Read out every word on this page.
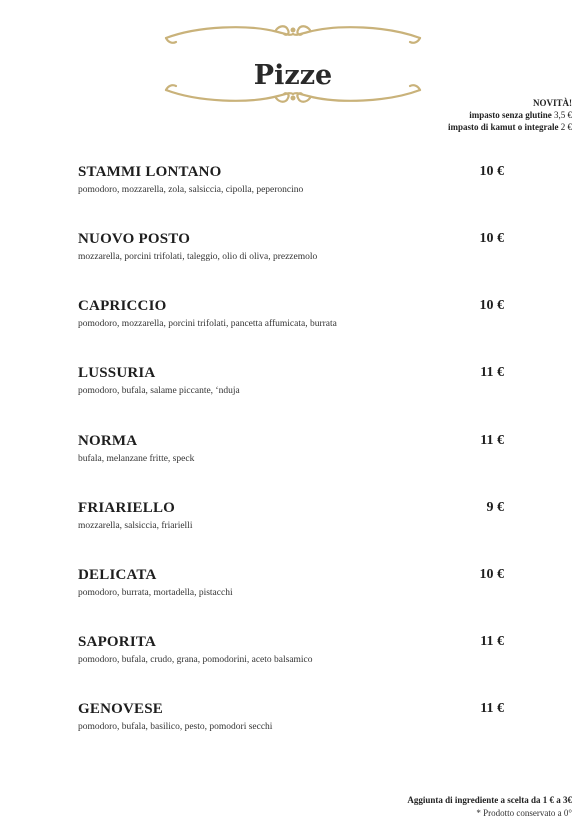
Pizze
NOVITÀ!
impasto senza glutine 3,5 €
impasto di kamut o integrale 2 €
STAMMI LONTANO	10 €
pomodoro, mozzarella, zola, salsiccia, cipolla, peperoncino
NUOVO POSTO	10 €
mozzarella, porcini trifolati, taleggio, olio di oliva, prezzemolo
CAPRICCIO	10 €
pomodoro, mozzarella, porcini trifolati, pancetta affumicata, burrata
LUSSURIA	11 €
pomodoro, bufala, salame piccante, ‘nduja
NORMA	11 €
bufala, melanzane fritte, speck
FRIARIELLO	9 €
mozzarella, salsiccia, friarielli
DELICATA	10 €
pomodoro, burrata, mortadella, pistacchi
SAPORITA	11 €
pomodoro, bufala, crudo, grana, pomodorini, aceto balsamico
GENOVESE	11 €
pomodoro, bufala, basilico, pesto, pomodori secchi
Aggiunta di ingrediente a scelta da 1 € a 3€
* Prodotto conservato a 0°
